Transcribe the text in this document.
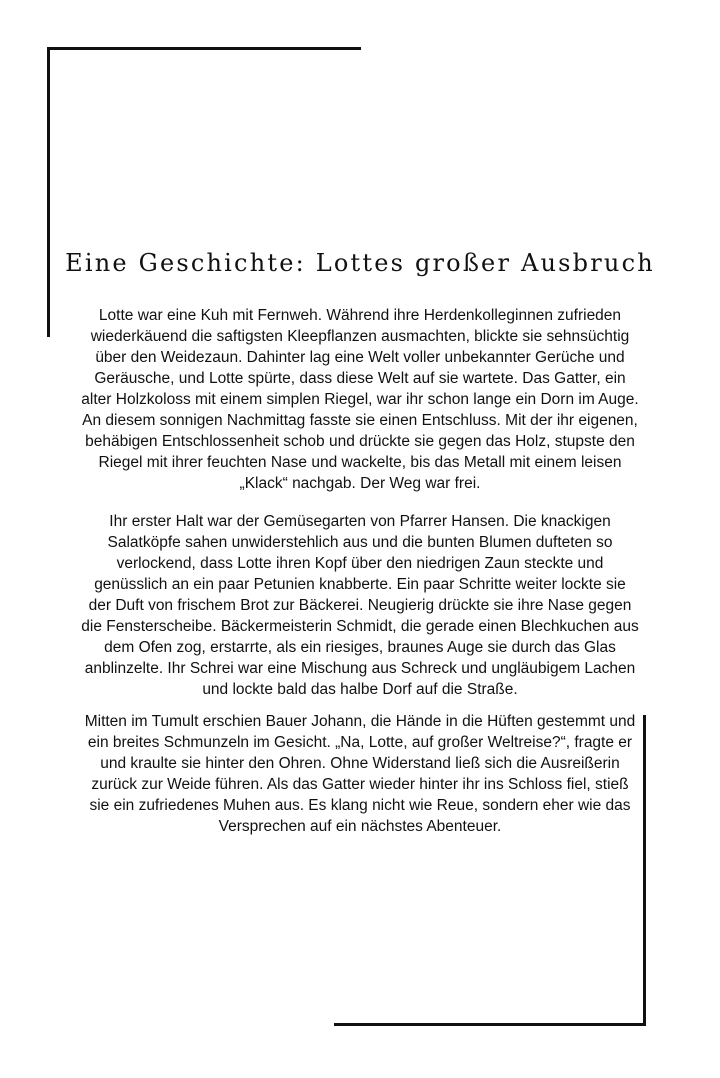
Eine Geschichte: Lottes großer Ausbruch

Lotte war eine Kuh mit Fernweh. Während ihre Herdenkolleginnen zufrieden
wiederkäuend die saftigsten Kleepflanzen ausmachten, blickte sie sehnsüchtig
über den Weidezaun. Dahinter lag eine Welt voller unbekannter Gerüche und
Geräusche, und Lotte spürte, dass diese Welt auf sie wartete. Das Gatter, ein
alter Holzkoloss mit einem simplen Riegel, war ihr schon lange ein Dorn im Auge.
An diesem sonnigen Nachmittag fasste sie einen Entschluss. Mit der ihr eigenen,
behäbigen Entschlossenheit schob und drückte sie gegen das Holz, stupste den
Riegel mit ihrer feuchten Nase und wackelte, bis das Metall mit einem leisen
„Klack“ nachgab. Der Weg war frei.

Ihr erster Halt war der Gemüsegarten von Pfarrer Hansen. Die knackigen
Salatköpfe sahen unwiderstehlich aus und die bunten Blumen dufteten so
verlockend, dass Lotte ihren Kopf über den niedrigen Zaun steckte und
genüsslich an ein paar Petunien knabberte. Ein paar Schritte weiter lockte sie
der Duft von frischem Brot zur Bäckerei. Neugierig drückte sie ihre Nase gegen
die Fensterscheibe. Bäckermeisterin Schmidt, die gerade einen Blechkuchen aus
dem Ofen zog, erstarrte, als ein riesiges, braunes Auge sie durch das Glas
anblinzelte. Ihr Schrei war eine Mischung aus Schreck und ungläubigem Lachen
und lockte bald das halbe Dorf auf die Straße.

Mitten im Tumult erschien Bauer Johann, die Hände in die Hüften gestemmt und
ein breites Schmunzeln im Gesicht. „Na, Lotte, auf großer Weltreise?“, fragte er
und kraulte sie hinter den Ohren. Ohne Widerstand ließ sich die Ausreißerin
zurück zur Weide führen. Als das Gatter wieder hinter ihr ins Schloss fiel, stieß
sie ein zufriedenes Muhen aus. Es klang nicht wie Reue, sondern eher wie das
Versprechen auf ein nächstes Abenteuer.
